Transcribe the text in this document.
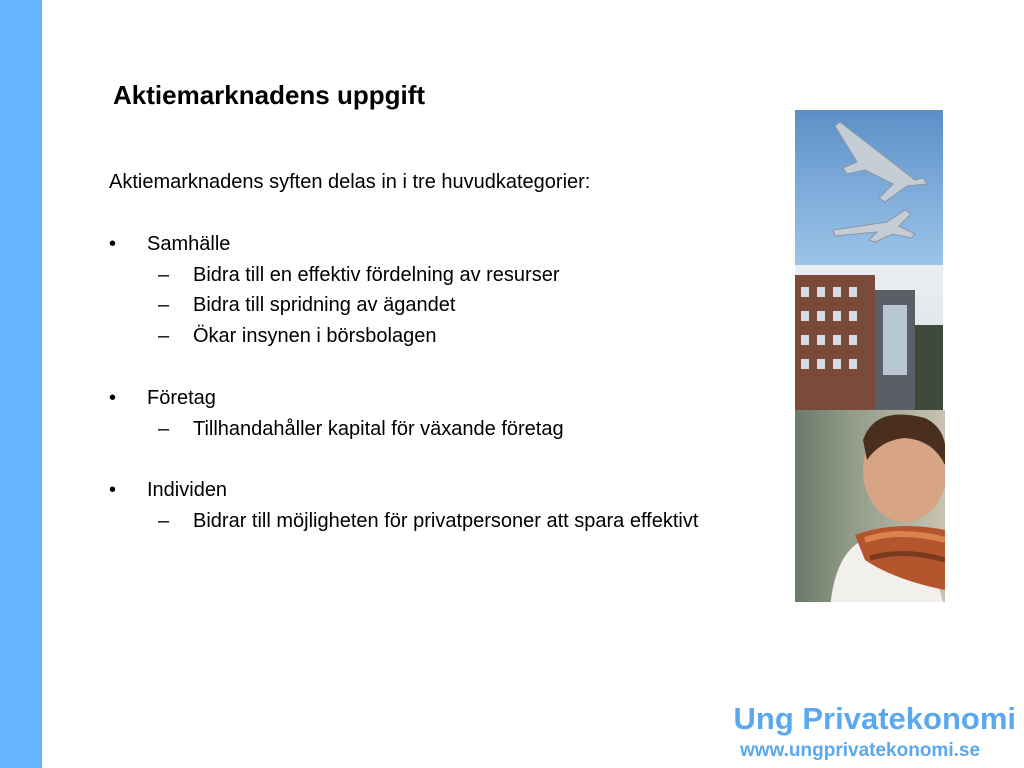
Aktiemarknadens uppgift
Aktiemarknadens syften delas in i tre huvudkategorier:
•	Samhälle
– Bidra till en effektiv fördelning av resurser
– Bidra till spridning av ägandet
– Ökar insynen i börsbolagen
•	Företag
– Tillhandahåller kapital för växande företag
•	Individen
– Bidrar till möjligheten för privatpersoner att spara effektivt
Ung Privatekonomi
www.ungprivatekonomi.se
